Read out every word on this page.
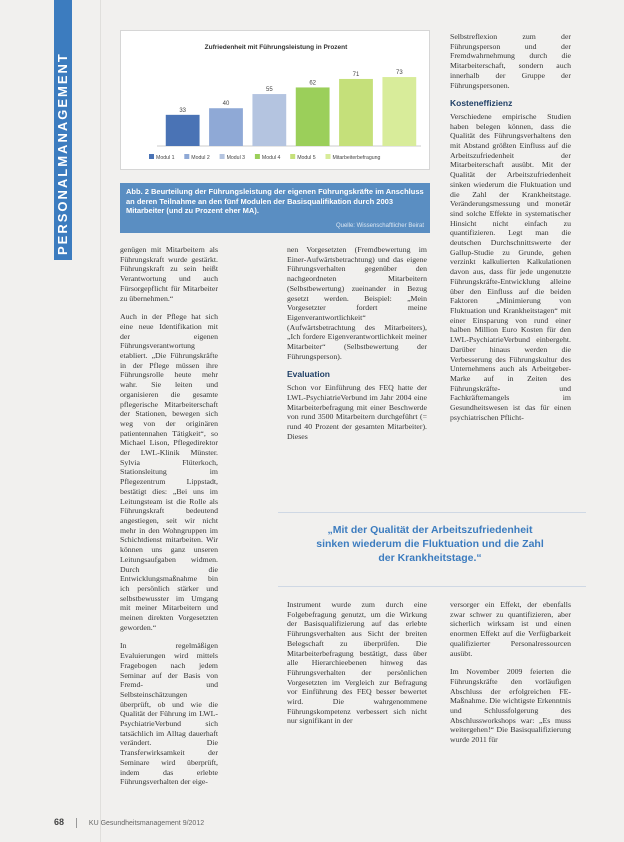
PERSONALMANAGEMENT
Zufriedenheit mit Führungsleistung in Prozent
33
40
55
62
71	73
Modul 1	Modul 2	Modul 3	Modul 4	Modul 5	Mitarbeiterbefragung
Abb. 2 Beurteilung der Führungsleistung der eigenen Führungskräfte im Anschluss an deren Teilnahme an den fünf Modulen der Basisqualifikation durch 2003 Mitarbeiter (und zu Prozent eher MA).
Quelle: Wissenschaftlicher Beirat

genügen mit Mitarbeitern als Führungskraft wurde gestärkt. Führungskraft zu sein heißt Verantwortung und auch Fürsorgepflicht für Mitarbeiter zu übernehmen.“

Auch in der Pflege hat sich eine neue Identifikation mit der eigenen Führungsverantwortung etabliert. „Die Führungskräfte in der Pflege müssen ihre Führungsrolle heute mehr wahr. Sie leiten und organisieren die gesamte pflegerische Mitarbeiterschaft der Stationen, bewegen sich weg von der originären patientennahen Tätigkeit“, so Michael Lison, Pflegedirektor der LWL-Klinik Münster. Sylvia Flüterkoch, Stationsleitung im Pflegezentrum Lippstadt, bestätigt dies: „Bei uns im Leitungsteam ist die Rolle als Führungskraft bedeutend angestiegen, seit wir nicht mehr in den Wohngruppen im Schichtdienst mitarbeiten. Wir können uns ganz unseren Leitungsaufgaben widmen. Durch die Entwicklungsmaßnahme bin ich persönlich stärker und selbstbewusster im Umgang mit meiner Mitarbeitern und meinen direkten Vorgesetzten geworden.“

In regelmäßigen Evaluierungen wird mittels Fragebogen nach jedem Seminar auf der Basis von Fremd- und Selbsteinschätzungen überprüft, ob und wie die Qualität der Führung im LWL-PsychiatrieVerbund sich tatsächlich im Alltag dauerhaft verändert. Die Transferwirksamkeit der Seminare wird überprüft, indem das erlebte Führungsverhalten der eige-

nen Vorgesetzten (Fremdbewertung im Einer-Aufwärtsbetrachtung) und das eigene Führungsverhalten gegenüber den nachgeordneten Mitarbeitern (Selbstbewertung) zueinander in Bezug gesetzt werden. Beispiel: „Mein Vorgesetzter fordert meine Eigenverantwortlichkeit“ (Aufwärtsbetrachtung des Mitarbeiters), „Ich fordere Eigenverantwortlichkeit meiner Mitarbeiter“ (Selbstbewertung der Führungsperson).

Evaluation

Schon vor Einführung des FEQ hatte der LWL-PsychiatrieVerbund im Jahr 2004 eine Mitarbeiterbefragung mit einer Beschwerde von rund 3500 Mitarbeitern durchgeführt (= rund 40 Prozent der gesamten Mitarbeiter). Dieses

Selbstreflexion zum der Führungsperson und der Fremdwahrnehmung durch die Mitarbeiterschaft, sondern auch innerhalb der Gruppe der Führungspersonen.

Kosteneffizienz

Verschiedene empirische Studien haben belegen können, dass die Qualität des Führungsverhaltens den mit Abstand größten Einfluss auf die Arbeitszufriedenheit der Mitarbeiterschaft ausübt. Mit der Qualität der Arbeitszufriedenheit sinken wiederum die Fluktuation und die Zahl der Krankheitstage. Veränderungsmessung und monetär sind solche Effekte in systematischer Hinsicht nicht einfach zu quantifizieren. Legt man die deutschen Durchschnittswerte der Gallup-Studie zu Grunde, gehen verzinkt kalkulierten Kalkulationen davon aus, dass für jede ungenutzte Führungskräfte-Entwicklung alleine über den Einfluss auf die beiden Faktoren „Minimierung von Fluktuation und Krankheitstagen“ mit einer Einsparung von rund einer halben Million Euro Kosten für den LWL-PsychiatrieVerbund einbergeht. Darüber hinaus werden die Verbesserung des Führungskultur des Unternehmens auch als Arbeitgeber-Marke auf in Zeiten des Führungskräfte- und Fachkräftemangels im Gesundheitswesen ist das für einen psychiatrischen Pflicht-

„Mit der Qualität der Arbeitszufriedenheit
sinken wiederum die Fluktuation und die Zahl
der Krankheitstage.“

Instrument wurde zum durch eine Folgebefragung genutzt, um die Wirkung der Basisqualifizierung auf das erlebte Führungsverhalten aus Sicht der breiten Belegschaft zu überprüfen. Die Mitarbeiterbefragung bestätigt, dass über alle Hierarchieebenen hinweg das Führungsverhalten der persönlichen Vorgesetzten im Vergleich zur Befragung vor Einführung des FEQ besser bewertet wird. Die wahrgenommene Führungskompetenz verbessert sich nicht nur signifikant in der

versorger ein Effekt, der ebenfalls zwar schwer zu quantifizieren, aber sicherlich wirksam ist und einen enormen Effekt auf die Verfügbarkeit qualifizierter Personalressourcen ausübt.

Im November 2009 feierten die Führungskräfte den vorläufigen Abschluss der erfolgreichen FE-Maßnahme. Die wichtigste Erkenntnis und Schlussfolgerung des Abschlussworkshops war: „Es muss weitergehen!“ Die Basisqualifizierung wurde 2011 für

68	KU Gesundheitsmanagement 9/2012
